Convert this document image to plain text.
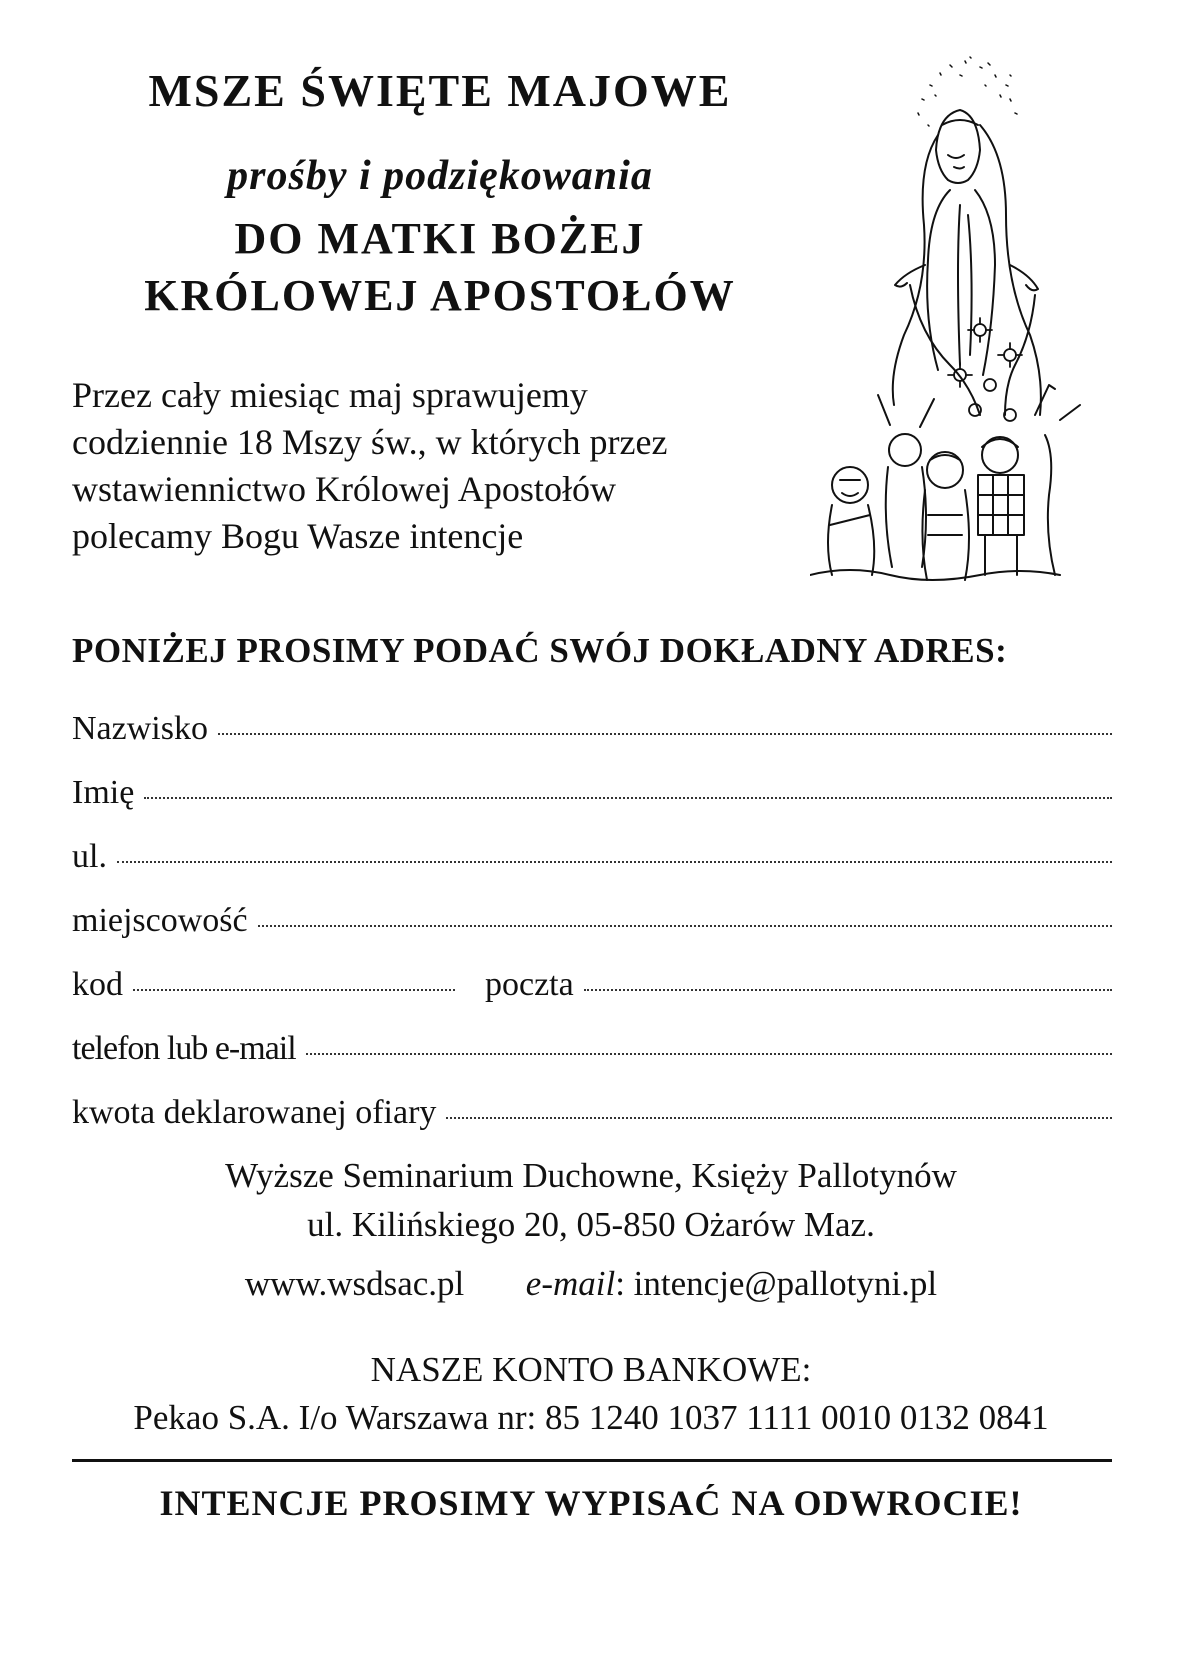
MSZE ŚWIĘTE MAJOWE
prośby i podziękowania
DO MATKI BOŻEJ
KRÓLOWEJ APOSTOŁÓW
Przez cały miesiąc maj sprawujemy
codziennie 18 Mszy św., w których przez
wstawiennictwo Królowej Apostołów
polecamy Bogu Wasze intencje
PONIŻEJ PROSIMY PODAĆ SWÓJ DOKŁADNY ADRES:
Nazwisko
Imię
ul.
miejscowość
kod	poczta
telefon lub e-mail
kwota deklarowanej ofiary
Wyższe Seminarium Duchowne, Księży Pallotynów
ul. Kilińskiego 20, 05-850 Ożarów Maz.
www.wsdsac.pl e-mail: intencje@pallotyni.pl
NASZE KONTO BANKOWE:
Pekao S.A. I/o Warszawa nr: 85 1240 1037 1111 0010 0132 0841
INTENCJE PROSIMY WYPISAĆ NA ODWROCIE!
